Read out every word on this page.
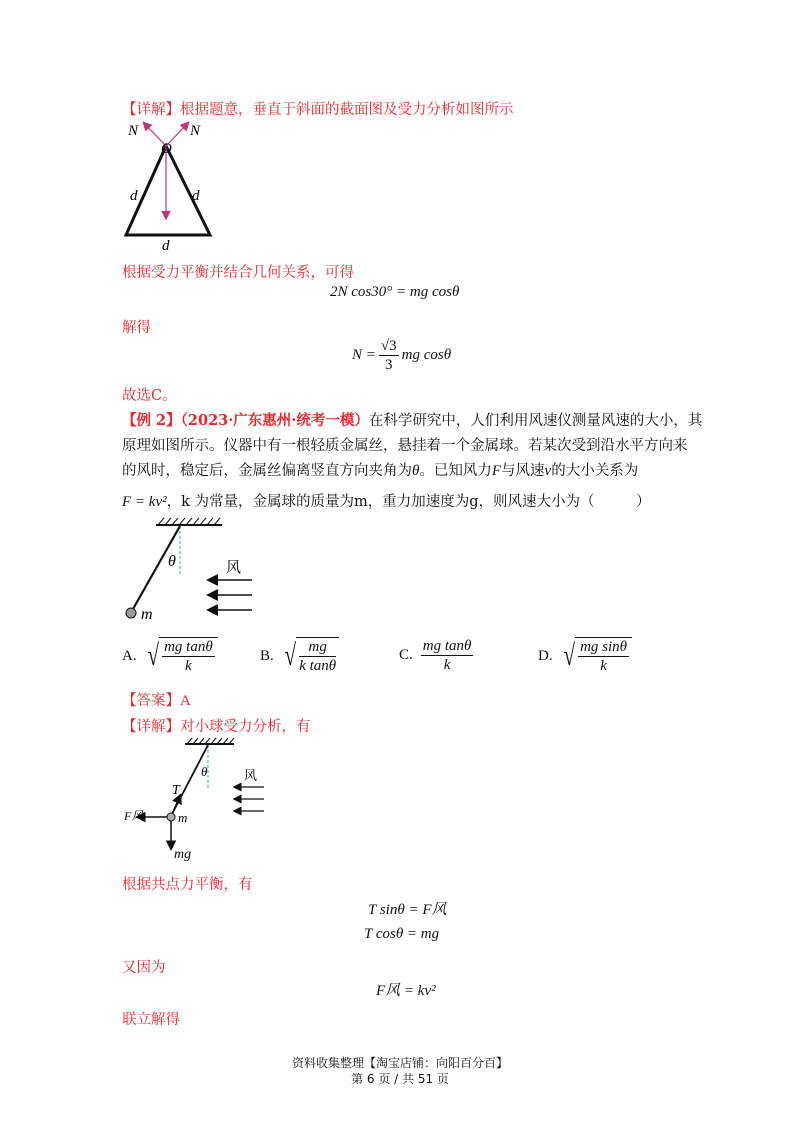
【详解】根据题意，垂直于斜面的截面图及受力分析如图所示
N	N
O
d	d
d
根据受力平衡并结合几何关系，可得
2N cos30° = mg cosθ
解得
$N = \frac{√3}{3}$ mg cosθ
故选C。
【例 2】（2023·广东惠州·统考一模）在科学研究中，人们利用风速仪测量风速的大小，其
原理如图所示。仪器中有一根轻质金属丝，悬挂着一个金属球。若某次受到沿水平方向来
的风时，稳定后，金属丝偏离竖直方向夹角为θ。已知风力F与风速v的大小关系为
F = kv²，k 为常量，金属球的质量为m，重力加速度为g，则风速大小为（	）
θ
m
风
A. √ $\frac{\text{mg tanθ}}{k}$	B. √ $\frac{mg}{\text{k tanθ}}$	C. $\frac{\text{mg tanθ}}{k}$	D. √ $\frac{\text{mg sinθ}}{k}$
【答案】A
【详解】对小球受力分析，有
θ
T
F风	m
mg
风
根据共点力平衡，有
T sinθ = F风
T cosθ = mg
又因为
F风 = kv²
联立解得
资料收集整理【淘宝店铺：向阳百分百】
第 6 页 / 共 51 页
